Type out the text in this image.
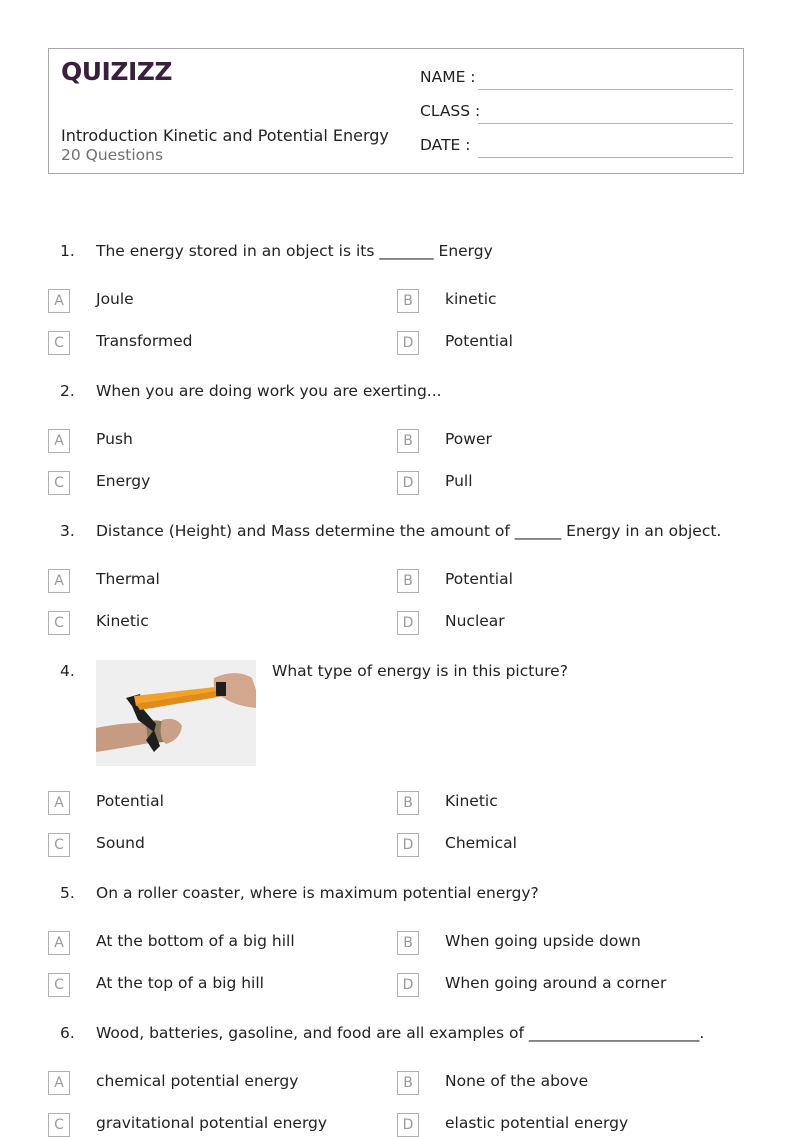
QUIZIZZ
Introduction Kinetic and Potential Energy
20 Questions
NAME :
CLASS :
DATE :
1. The energy stored in an object is its _______ Energy
A	Joule	B	kinetic
C	Transformed	D	Potential
2. When you are doing work you are exerting...
A	Push	B	Power
C	Energy	D	Pull
3. Distance (Height) and Mass determine the amount of ______ Energy in an object.
A	Thermal	B	Potential
C	Kinetic	D	Nuclear
4.	What type of energy is in this picture?
A	Potential	B	Kinetic
C	Sound	D	Chemical
5. On a roller coaster, where is maximum potential energy?
A	At the bottom of a big hill	B	When going upside down
C	At the top of a big hill	D	When going around a corner
6. Wood, batteries, gasoline, and food are all examples of ______________________.
A	chemical potential energy	B	None of the above
C	gravitational potential energy	D	elastic potential energy
